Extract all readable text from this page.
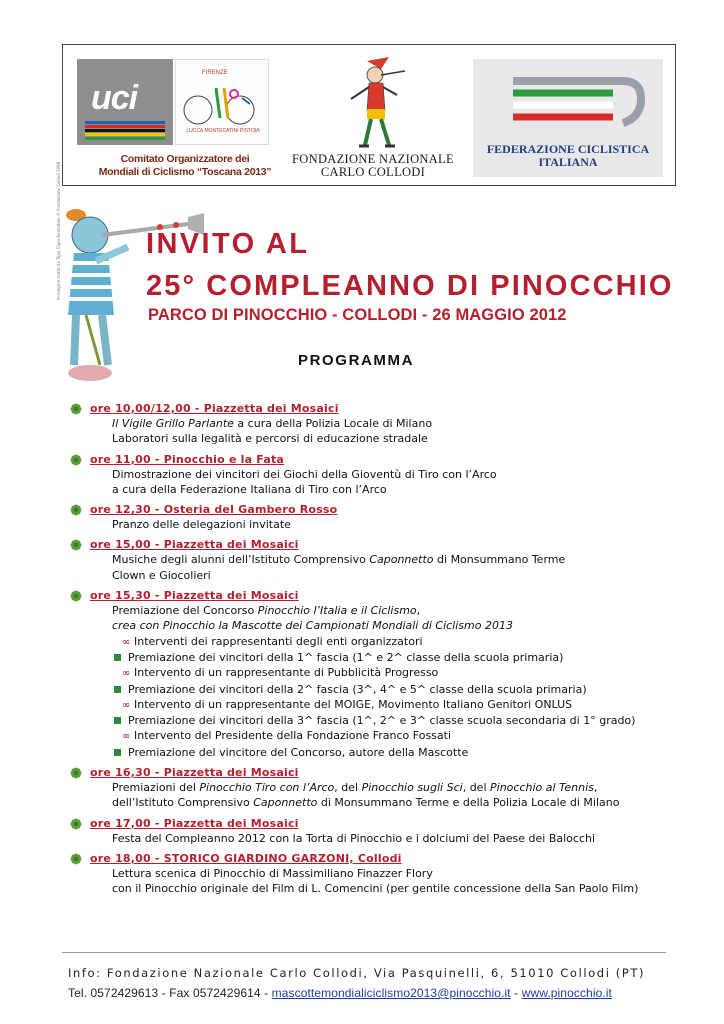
uci
FIRENZE
LUCCA MONTECATINI PISTOIA
Comitato Organizzatore dei
Mondiali di Ciclismo “Toscana 2013”
FONDAZIONE NAZIONALE
CARLO COLLODI
FEDERAZIONE CICLISTICA
ITALIANA
Immagine tratta da Topo Gigio Animation © Fondazione Collodi 1998	INVITO AL
25° COMPLEANNO DI PINOCCHIO
PARCO DI PINOCCHIO - COLLODI - 26 MAGGIO 2012
PROGRAMMA
ore 10,00/12,00 - Piazzetta dei Mosaici
Il Vigile Grillo Parlante a cura della Polizia Locale di Milano
Laboratori sulla legalità e percorsi di educazione stradale
ore 11,00 - Pinocchio e la Fata
Dimostrazione dei vincitori dei Giochi della Gioventù di Tiro con l’Arco
a cura della Federazione Italiana di Tiro con l’Arco
ore 12,30 - Osteria del Gambero Rosso
Pranzo delle delegazioni invitate
ore 15,00 - Piazzetta dei Mosaici
Musiche degli alunni dell’Istituto Comprensivo Caponnetto di Monsummano Terme
Clown e Giocolieri
ore 15,30 - Piazzetta dei Mosaici
Premiazione del Concorso Pinocchio l’Italia e il Ciclismo,
crea con Pinocchio la Mascotte dei Campionati Mondiali di Ciclismo 2013
∞ Interventi dei rappresentanti degli enti organizzatori
Premiazione dei vincitori della 1^ fascia (1^ e 2^ classe della scuola primaria)
∞ Intervento di un rappresentante di Pubblicità Progresso
Premiazione dei vincitori della 2^ fascia (3^, 4^ e 5^ classe della scuola primaria)
∞ Intervento di un rappresentante del MOIGE, Movimento Italiano Genitori ONLUS
Premiazione dei vincitori della 3^ fascia (1^, 2^ e 3^ classe scuola secondaria di 1° grado)
∞ Intervento del Presidente della Fondazione Franco Fossati
Premiazione del vincitore del Concorso, autore della Mascotte
ore 16,30 - Piazzetta dei Mosaici
Premiazioni del Pinocchio Tiro con l’Arco, del Pinocchio sugli Sci, del Pinocchio al Tennis,
dell’Istituto Comprensivo Caponnetto di Monsummano Terme e della Polizia Locale di Milano
ore 17,00 - Piazzetta dei Mosaici
Festa del Compleanno 2012 con la Torta di Pinocchio e i dolciumi del Paese dei Balocchi
ore 18,00 - STORICO GIARDINO GARZONI, Collodi
Lettura scenica di Pinocchio di Massimiliano Finazzer Flory
con il Pinocchio originale del Film di L. Comencini (per gentile concessione della San Paolo Film)
Info: Fondazione Nazionale Carlo Collodi, Via Pasquinelli, 6, 51010 Collodi (PT)
Tel. 0572429613 - Fax 0572429614 - mascottemondialiciclismo2013@pinocchio.it - www.pinocchio.it
